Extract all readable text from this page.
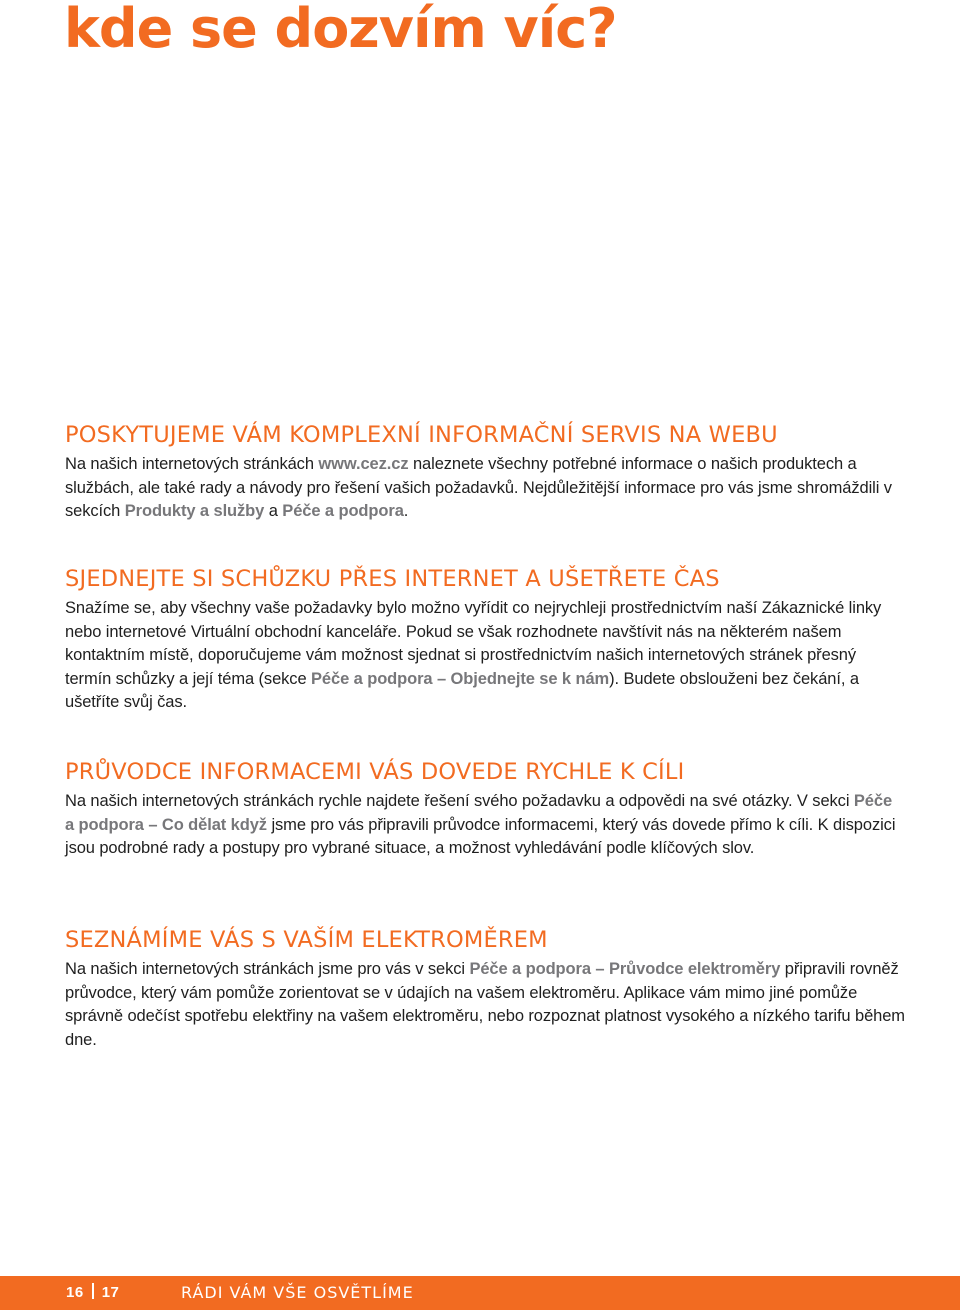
kde se dozvím víc?
POSKYTUJEME VÁM KOMPLEXNÍ INFORMAČNÍ SERVIS NA WEBU

Na našich internetových stránkách www.cez.cz naleznete všechny potřebné informace o našich produktech a službách, ale také rady a návody pro řešení vašich požadavků. Nejdůležitější informace pro vás jsme shromáždili v sekcích Produkty a služby a Péče a podpora.

SJEDNEJTE SI SCHŮZKU PŘES INTERNET A UŠETŘETE ČAS

Snažíme se, aby všechny vaše požadavky bylo možno vyřídit co nejrychleji prostřednictvím naší Zákaznické linky nebo internetové Virtuální obchodní kanceláře. Pokud se však rozhodnete navštívit nás na některém našem kontaktním místě, doporučujeme vám možnost sjednat si prostřednictvím našich internetových stránek přesný termín schůzky a její téma (sekce Péče a podpora – Objednejte se k nám). Budete obslouženi bez čekání, a ušetříte svůj čas.

PRŮVODCE INFORMACEMI VÁS DOVEDE RYCHLE K CÍLI

Na našich internetových stránkách rychle najdete řešení svého požadavku a odpovědi na své otázky. V sekci Péče a podpora – Co dělat když jsme pro vás připravili průvodce informacemi, který vás dovede přímo k cíli. K dispozici jsou podrobné rady a postupy pro vybrané situace, a možnost vyhledávání podle klíčových slov.

SEZNÁMÍME VÁS S VAŠÍM ELEKTROMĚREM

Na našich internetových stránkách jsme pro vás v sekci Péče a podpora – Průvodce elektroměry připravili rovněž průvodce, který vám pomůže zorientovat se v údajích na vašem elektroměru. Aplikace vám mimo jiné pomůže správně odečíst spotřebu elektřiny na vašem elektroměru, nebo rozpoznat platnost vysokého a nízkého tarifu během dne.

16 17	RÁDI VÁM VŠE OSVĚTLÍME
